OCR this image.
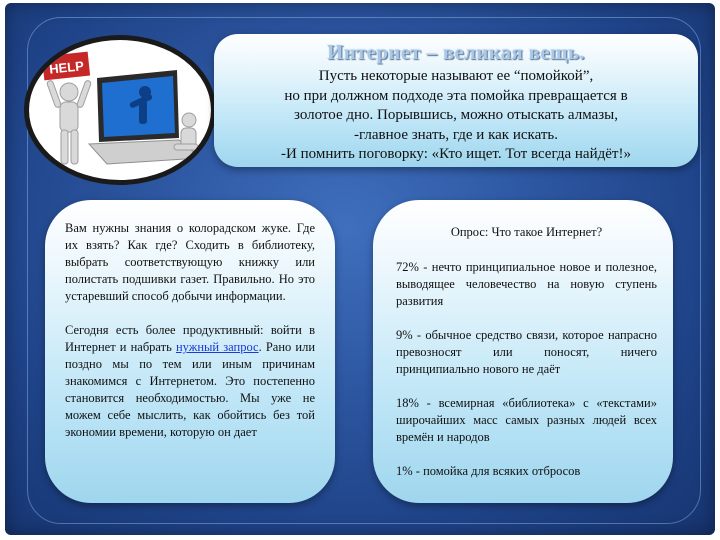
HELP
Интернет – великая вещь.
Пусть некоторые называют ее “помойкой”,
но при должном подходе эта помойка превращается в
золотое дно. Порывшись, можно отыскать алмазы,
-главное знать, где и как искать.
-И помнить поговорку: «Кто ищет. Тот всегда найдёт!»

Вам нужны знания о колорадском жуке. Где их взять? Как где? Сходить в библиотеку, выбрать соответствующую книжку или полистать подшивки газет. Правильно. Но это устаревший способ добычи информации.

Сегодня есть более продуктивный: войти в Интернет и набрать нужный запрос. Рано или поздно мы по тем или иным причинам знакомимся с Интернетом. Это постепенно становится необходимостью. Мы уже не можем себе мыслить, как обойтись без той экономии времени, которую он дает

Опрос: Что такое Интернет?

72% - нечто принципиальное новое и полезное, выводящее человечество на новую ступень развития

9% - обычное средство связи, которое напрасно превозносят или поносят, ничего принципиально нового не даёт

18% - всемирная «библиотека» с «текстами» широчайших масс самых разных людей всех времён и народов

1% - помойка для всяких отбросов
